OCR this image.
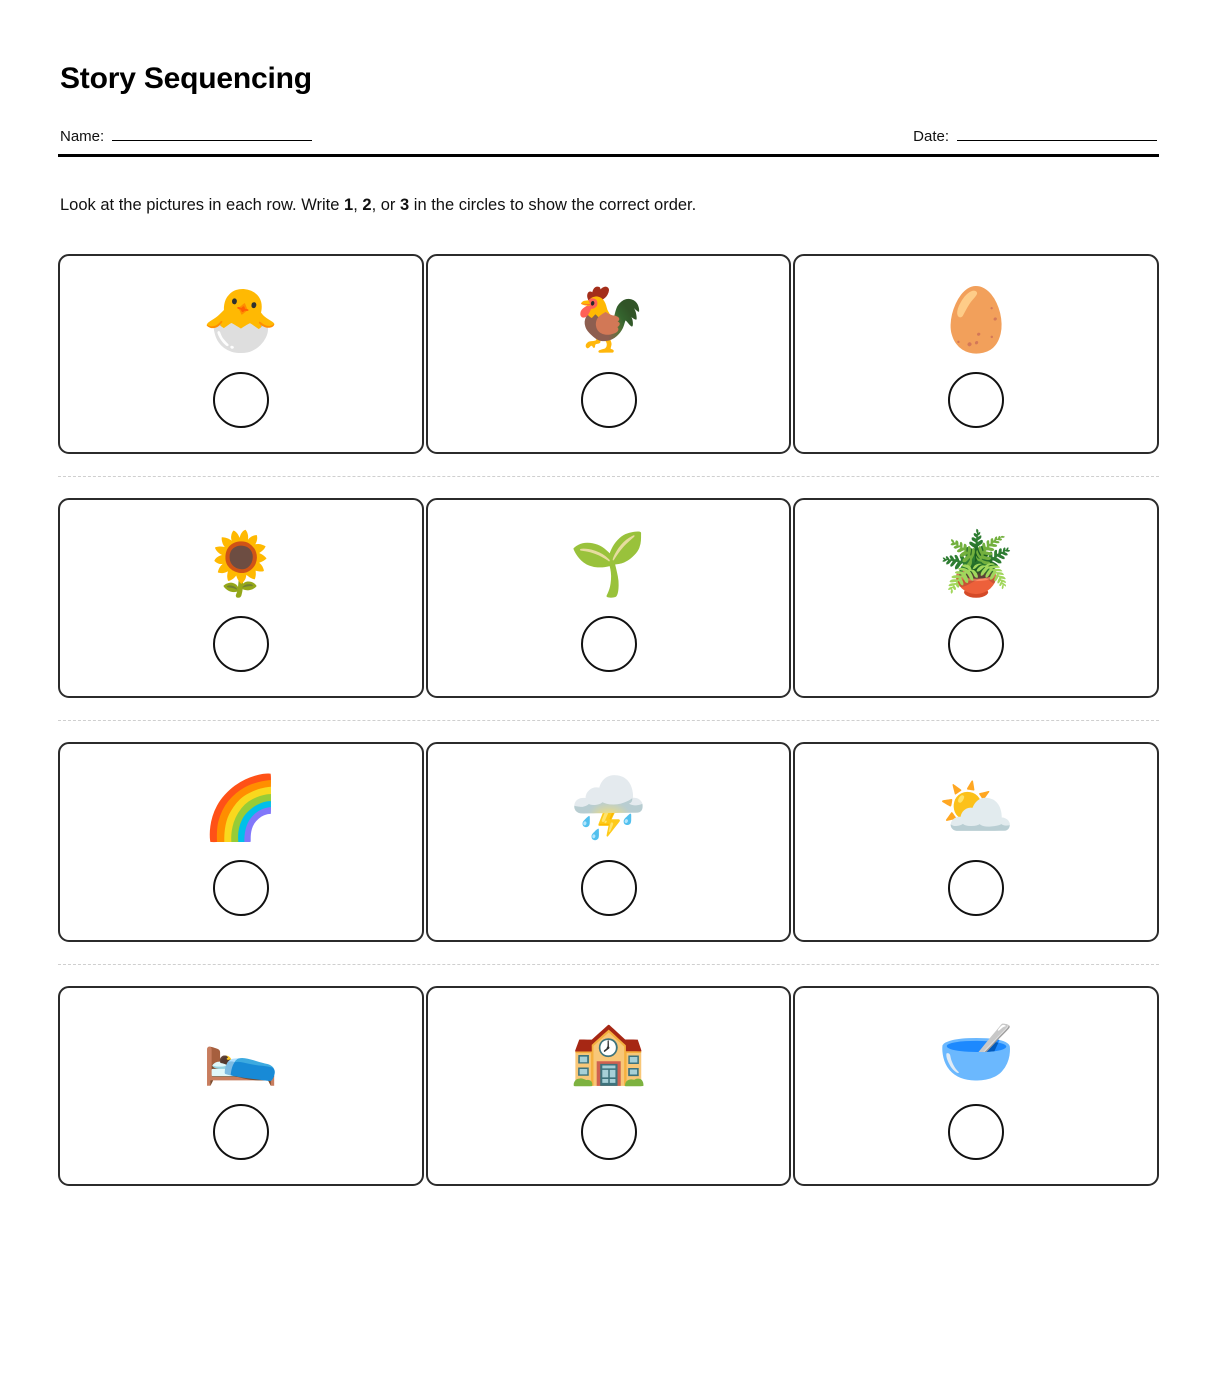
Story Sequencing
Name:	Date:

Look at the pictures in each row. Write 1, 2, or 3 in the circles to show the correct order.

🐣	🐓	🥚
🌻	🌱	🪴
🌈	⛈️	⛅
🛌	🏫	🥣
